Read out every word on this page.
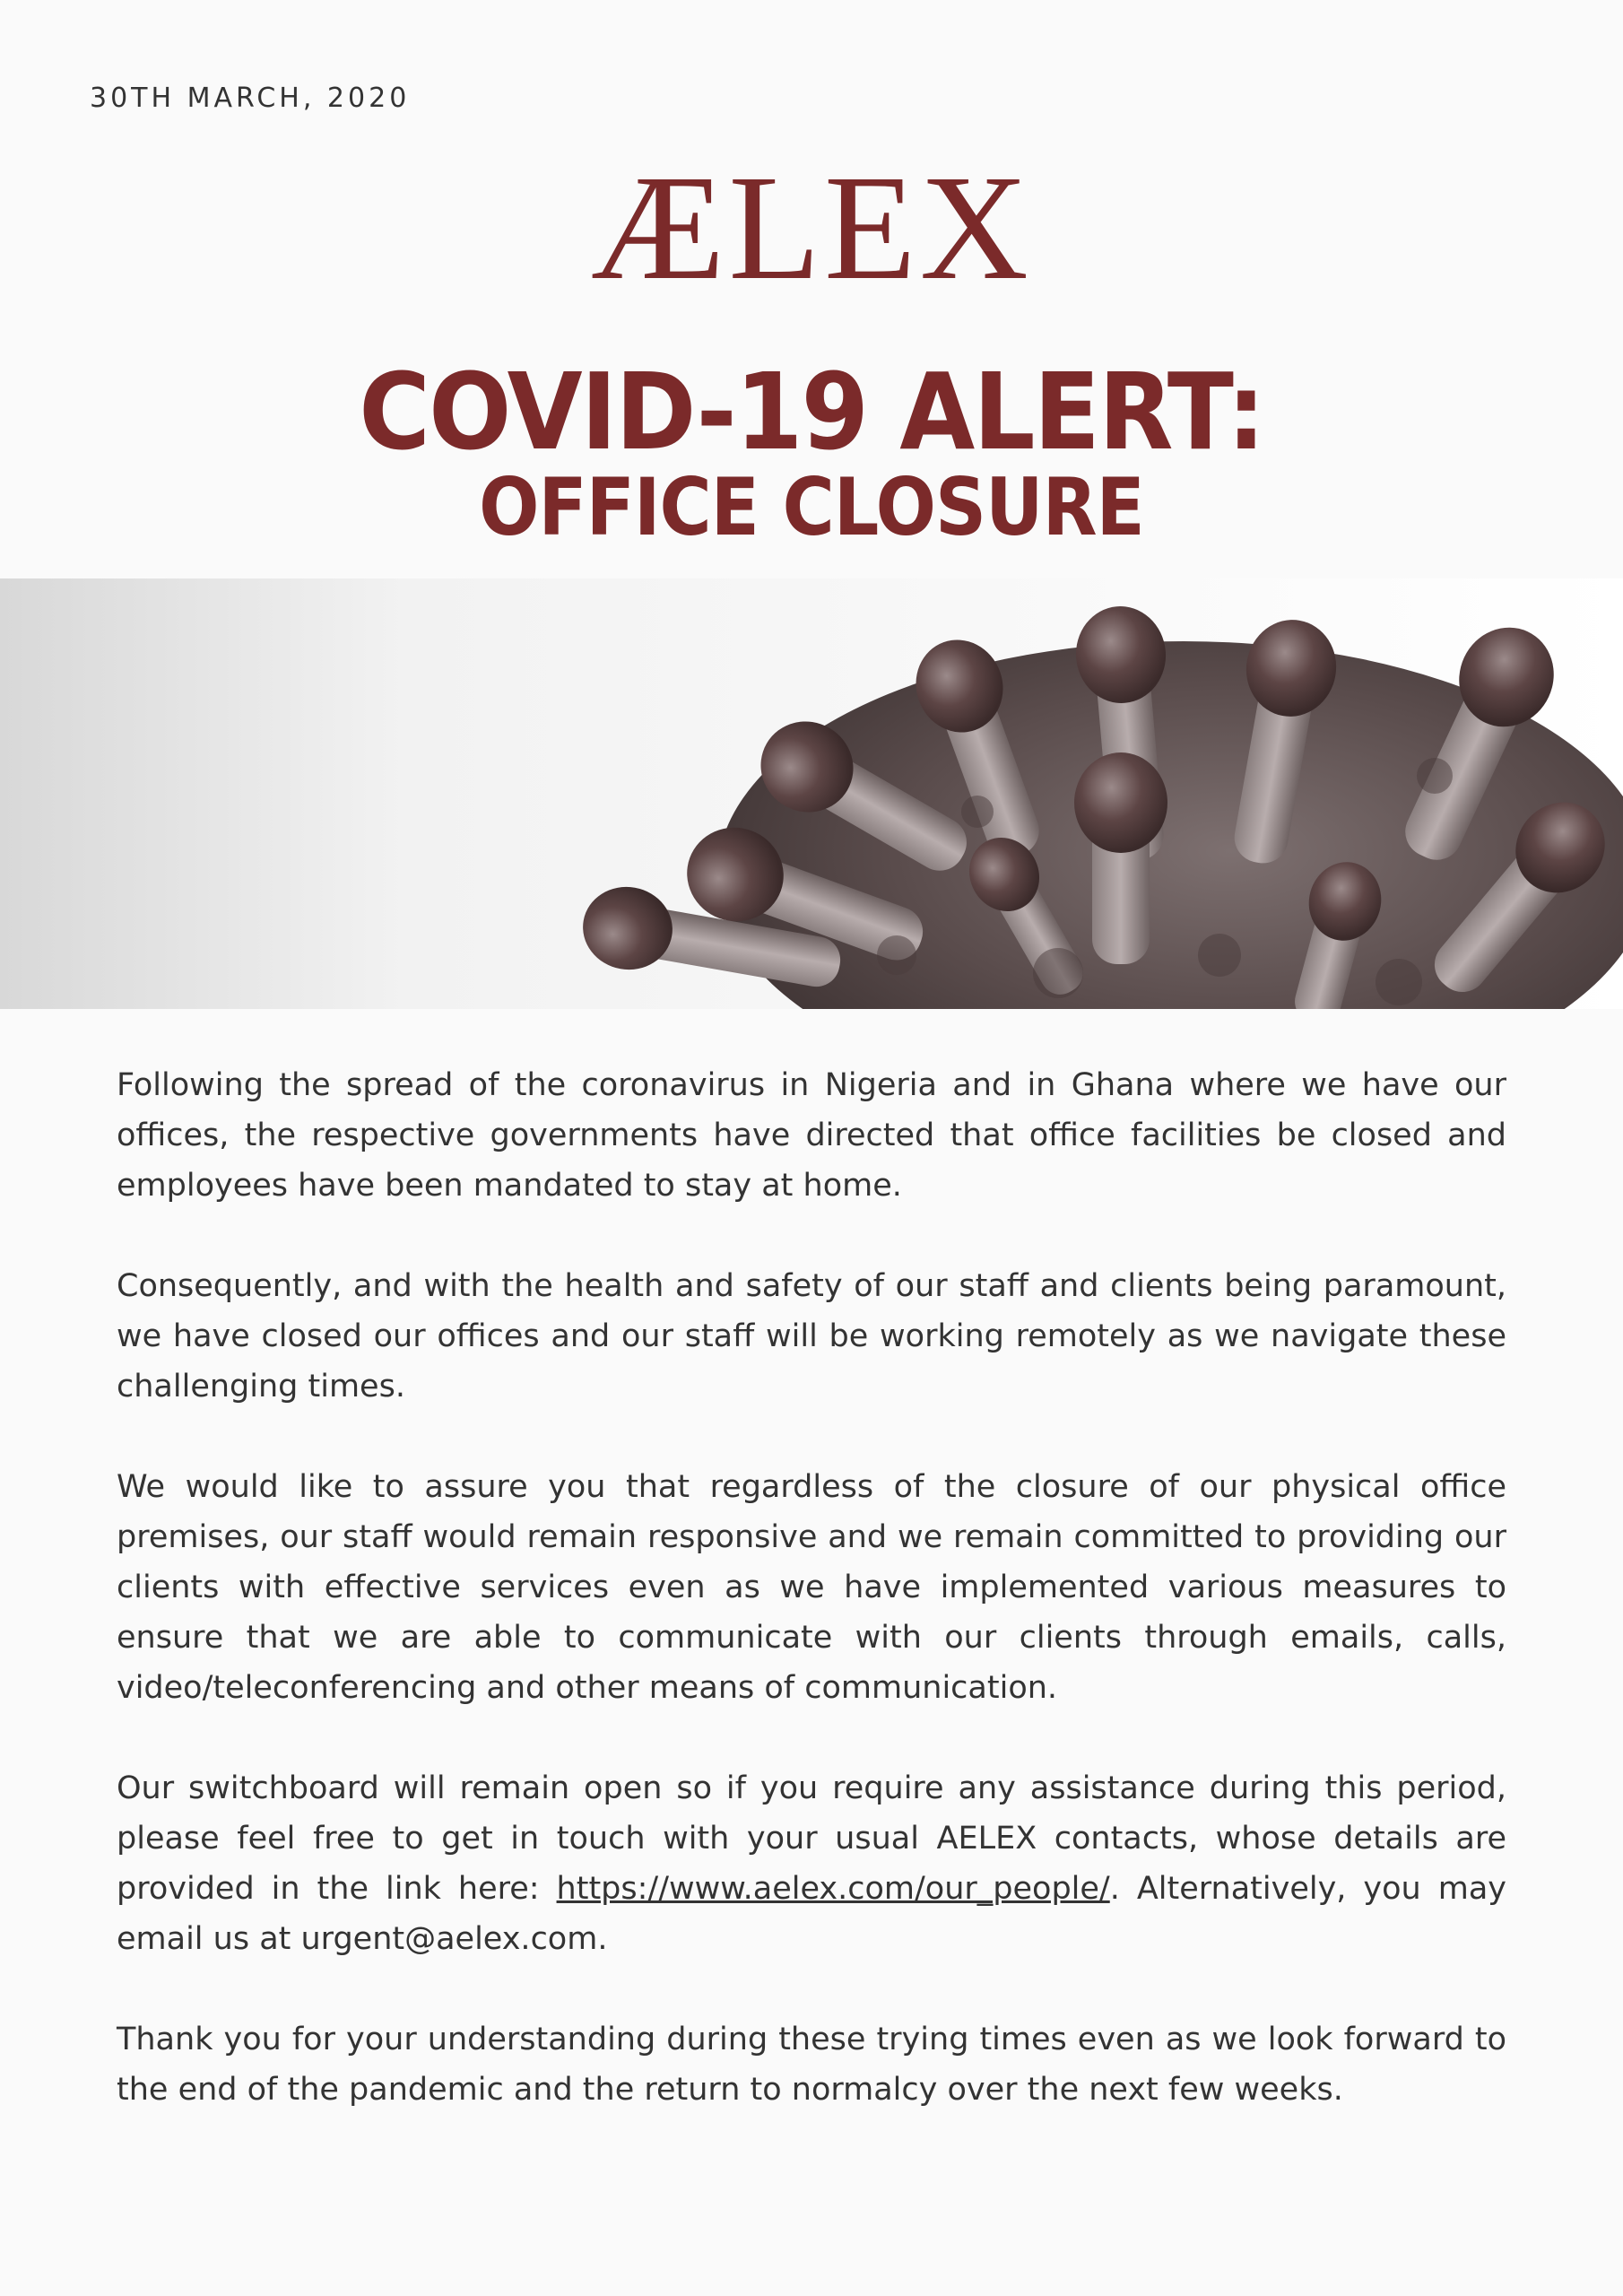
30TH MARCH, 2020
ÆLEX
COVID-19 ALERT:
OFFICE CLOSURE

Following the spread of the coronavirus in Nigeria and in Ghana where we have our offices, the respective governments have directed that office facilities be closed and employees have been mandated to stay at home.

Consequently, and with the health and safety of our staff and clients being paramount, we have closed our offices and our staff will be working remotely as we navigate these challenging times.

We would like to assure you that regardless of the closure of our physical office premises, our staff would remain responsive and we remain committed to providing our clients with effective services even as we have implemented various measures to ensure that we are able to communicate with our clients through emails, calls, video/teleconferencing and other means of communication.

Our switchboard will remain open so if you require any assistance during this period, please feel free to get in touch with your usual AELEX contacts, whose details are provided in the link here: https://www.aelex.com/our_people/. Alternatively, you may email us at urgent@aelex.com.

Thank you for your understanding during these trying times even as we look forward to the end of the pandemic and the return to normalcy over the next few weeks.
